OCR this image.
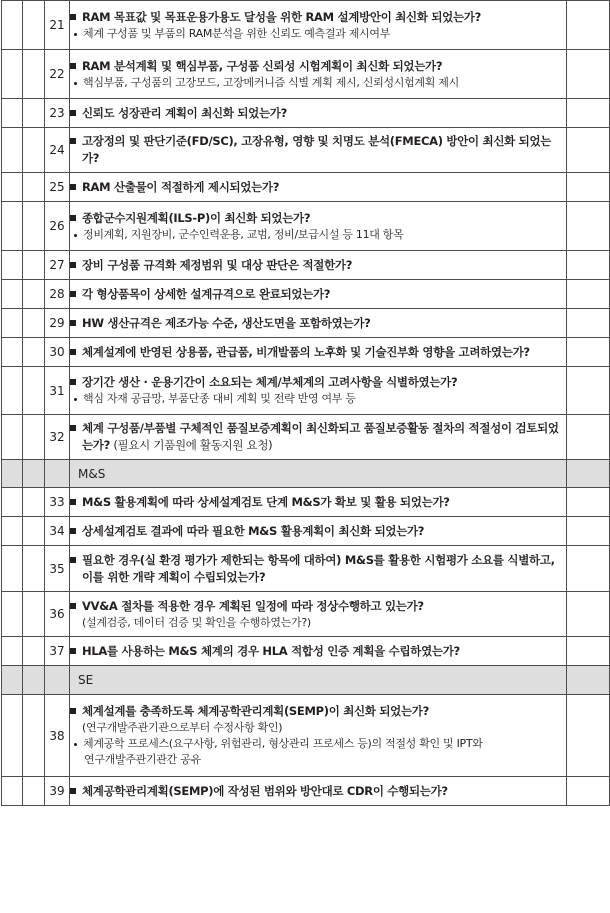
		21	RAM 목표값 및 목표운용가용도 달성을 위한 RAM 설계방안이 최신화 되었는가?
체계 구성품 및 부품의 RAM분석을 위한 신뢰도 예측결과 제시여부	

		22	RAM 분석계획 및 핵심부품, 구성품 신뢰성 시험계획이 최신화 되었는가?
핵심부품, 구성품의 고장모드, 고장메커니즘 식별 계획 제시, 신뢰성시험계획 제시	

		23	신뢰도 성장관리 계획이 최신화 되었는가?	

		24	고장정의 및 판단기준(FD/SC), 고장유형, 영향 및 치명도 분석(FMECA) 방안이 최신화 되었는가?	

		25	RAM 산출물이 적절하게 제시되었는가?	

		26	종합군수지원계획(ILS-P)이 최신화 되었는가?
정비계획, 지원장비, 군수인력운용, 교범, 정비/보급시설 등 11대 항목	

		27	장비 구성품 규격화 제정범위 및 대상 판단은 적절한가?	

		28	각 형상품목이 상세한 설계규격으로 완료되었는가?	

		29	HW 생산규격은 제조가능 수준, 생산도면을 포함하였는가?	

		30	체계설계에 반영된 상용품, 관급품, 비개발품의 노후화 및 기술진부화 영향을 고려하였는가?	

		31	장기간 생산 · 운용기간이 소요되는 체계/부체계의 고려사항을 식별하였는가?
핵심 자재 공급망, 부품단종 대비 계획 및 전략 반영 여부 등	

		32	체계 구성품/부품별 구체적인 품질보증계획이 최신화되고 품질보증활동 절차의 적절성이 검토되었는가? (필요시 기품원에 활동지원 요청)	

			M&S	
		33	M&S 활용계획에 따라 상세설계검토 단계 M&S가 확보 및 활용 되었는가?	

		34	상세설계검토 결과에 따라 필요한 M&S 활용계획이 최신화 되었는가?	

		35	필요한 경우(실 환경 평가가 제한되는 항목에 대하여) M&S를 활용한 시험평가 소요를 식별하고, 이를 위한 개략 계획이 수립되었는가?	

		36	VV&A 절차를 적용한 경우 계획된 일정에 따라 정상수행하고 있는가?
(설계검증, 데이터 검증 및 확인을 수행하였는가?)	

		37	HLA를 사용하는 M&S 체계의 경우 HLA 적합성 인증 계획을 수립하였는가?	

			SE	
		38	체계설계를 충족하도록 체계공학관리계획(SEMP)이 최신화 되었는가?
(연구개발주관기관으로부터 수정사항 확인)
체계공학 프로세스(요구사항, 위험관리, 형상관리 프로세스 등)의 적절성 확인 및 IPT와
연구개발주관기관간 공유	

		39	체계공학관리계획(SEMP)에 작성된 범위와 방안대로 CDR이 수행되는가?	
